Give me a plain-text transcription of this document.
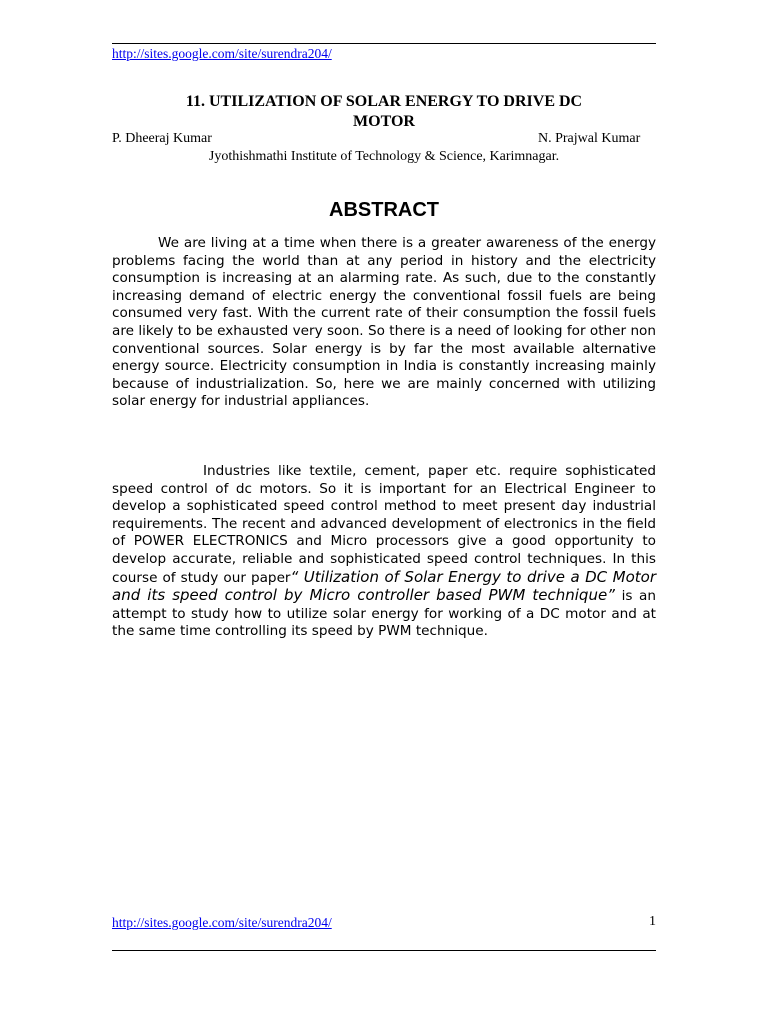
http://sites.google.com/site/surendra204/
11. UTILIZATION OF SOLAR ENERGY TO DRIVE DC
MOTOR
P. Dheeraj Kumar	N. Prajwal Kumar
Jyothishmathi Institute of Technology & Science, Karimnagar.
ABSTRACT
We are living at a time when there is a greater awareness of the energy problems facing the world than at any period in history and the electricity consumption is increasing at an alarming rate. As such, due to the constantly increasing demand of electric energy the conventional fossil fuels are being consumed very fast. With the current rate of their consumption the fossil fuels are likely to be exhausted very soon. So there is a need of looking for other non conventional sources. Solar energy is by far the most available alternative energy source. Electricity consumption in India is constantly increasing mainly because of industrialization. So, here we are mainly concerned with utilizing solar energy for industrial appliances.
Industries like textile, cement, paper etc. require sophisticated speed control of dc motors. So it is important for an Electrical Engineer to develop a sophisticated speed control method to meet present day industrial requirements. The recent and advanced development of electronics in the field of POWER ELECTRONICS and Micro processors give a good opportunity to develop accurate, reliable and sophisticated speed control techniques. In this course of study our paper“ Utilization of Solar Energy to drive a DC Motor and its speed control by Micro controller based PWM technique” is an attempt to study how to utilize solar energy for working of a DC motor and at the same time controlling its speed by PWM technique.
http://sites.google.com/site/surendra204/	1
